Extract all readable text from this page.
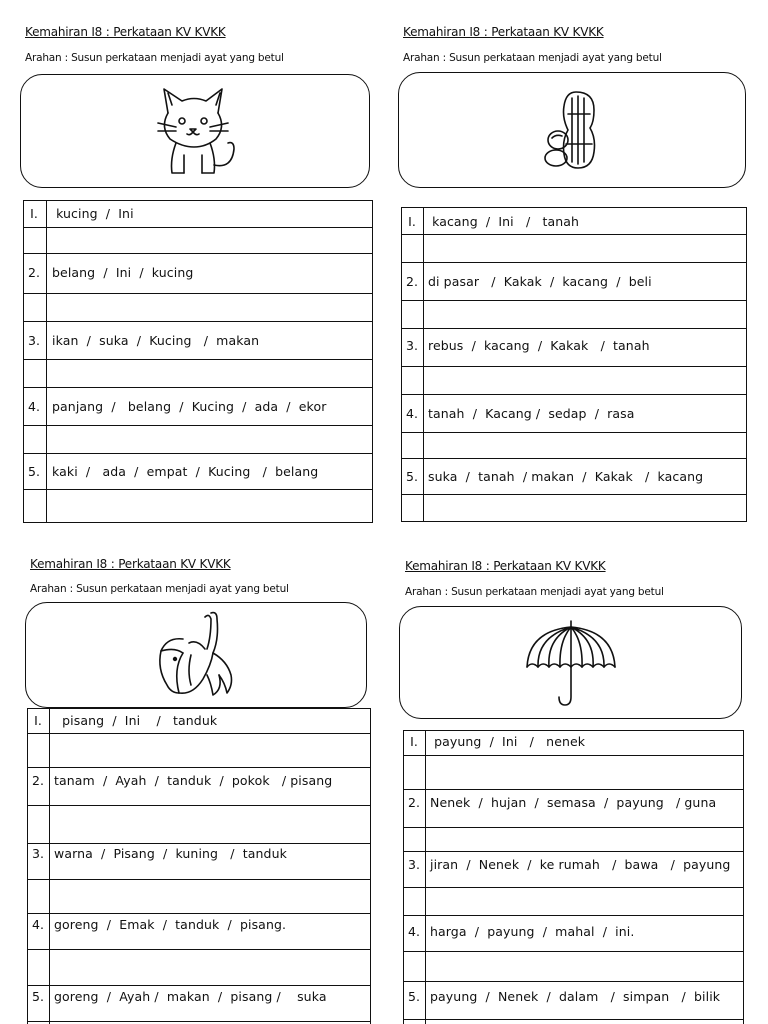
Kemahiran I8 : Perkataan KV KVKK
Arahan : Susun perkataan menjadi ayat yang betul
I.	kucing  /  Ini
2. belang  /  Ini  /  kucing
3. ikan  /  suka  /  Kucing   /  makan
4. panjang  /   belang  /  Kucing  /  ada  /  ekor
5. kaki  /   ada  /  empat  /  Kucing   /  belang
Kemahiran I8 : Perkataan KV KVKK
Arahan : Susun perkataan menjadi ayat yang betul
I. kacang  /  Ini   /   tanah
2. di pasar   /  Kakak  /  kacang  /  beli
3. rebus  /  kacang  /  Kakak   /  tanah
4. tanah  /  Kacang /  sedap  /  rasa
5. suka  /  tanah  / makan  /  Kakak   /  kacang
Kemahiran I8 : Perkataan KV KVKK
Arahan : Susun perkataan menjadi ayat yang betul
I. pisang  /  Ini    /   tanduk
2. tanam  /  Ayah  /  tanduk  /  pokok   / pisang
3. warna  /  Pisang  /  kuning   /  tanduk
4. goreng  /  Emak  /  tanduk  /  pisang.
5. goreng  /  Ayah /  makan  /  pisang /    suka
Kemahiran I8 : Perkataan KV KVKK
Arahan : Susun perkataan menjadi ayat yang betul
I. payung  /  Ini   /   nenek
2. Nenek  /  hujan  /  semasa  /  payung   / guna
3. jiran  /  Nenek  /  ke rumah   /  bawa   /  payung
4. harga  /  payung  /  mahal  /  ini.
5. payung  /  Nenek  /  dalam   /  simpan   /  bilik
